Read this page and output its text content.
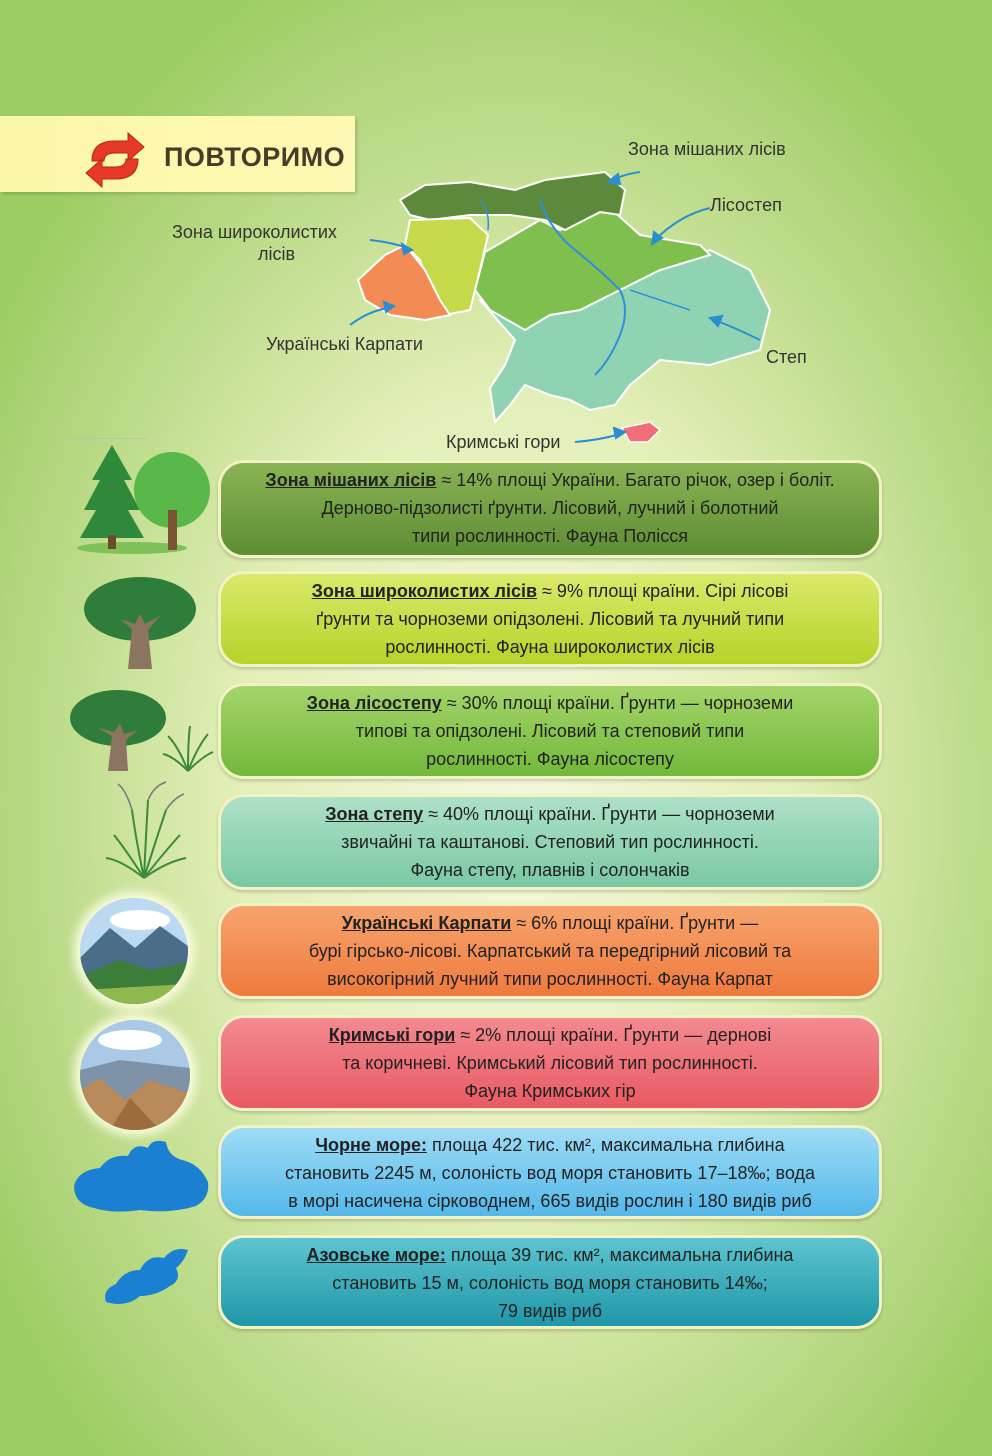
ПОВТОРИМО	Зона мішаних лісів
Лісостеп
Зона широколистих
лісів
Українські Карпати
Степ
Кримські гори
Зона мішаних лісів ≈ 14% площі України. Багато річок, озер і боліт.
Дерново-підзолисті ґрунти. Лісовий, лучний і болотний
типи рослинності. Фауна Полісся
Зона широколистих лісів ≈ 9% площі країни. Сірі лісові
ґрунти та чорноземи опідзолені. Лісовий та лучний типи
рослинності. Фауна широколистих лісів
Зона лісостепу ≈ 30% площі країни. Ґрунти — чорноземи
типові та опідзолені. Лісовий та степовий типи
рослинності. Фауна лісостепу
Зона степу ≈ 40% площі країни. Ґрунти — чорноземи
звичайні та каштанові. Степовий тип рослинності.
Фауна степу, плавнів і солончаків
Українські Карпати ≈ 6% площі країни. Ґрунти —
бурі гірсько-лісові. Карпатський та передгірний лісовий та
високогірний лучний типи рослинності. Фауна Карпат
Кримські гори ≈ 2% площі країни. Ґрунти — дернові
та коричневі. Кримський лісовий тип рослинності.
Фауна Кримських гір
Чорне море: площа 422 тис. км², максимальна глибина
становить 2245 м, солоність вод моря становить 17–18‰; вода
в морі насичена сірководнем, 665 видів рослин і 180 видів риб
Азовське море: площа 39 тис. км², максимальна глибина
становить 15 м, солоність вод моря становить 14‰;
79 видів риб
